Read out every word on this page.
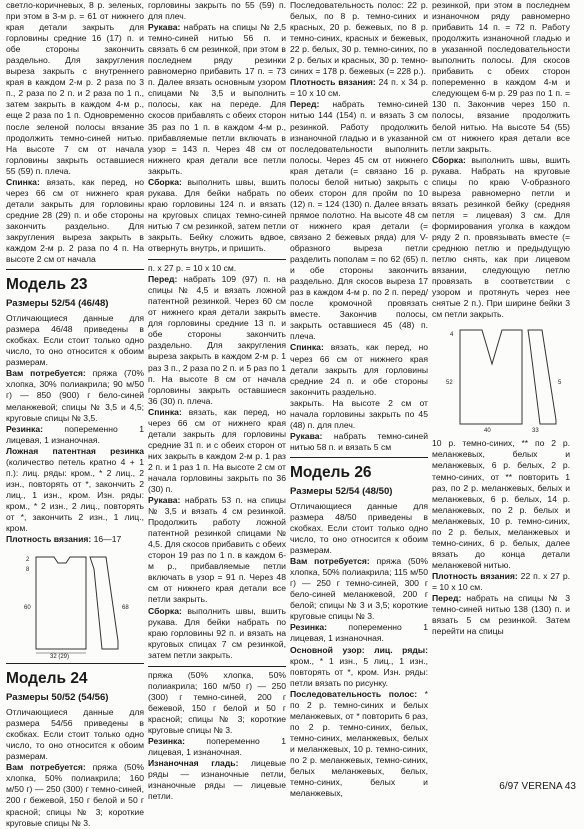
светло-коричневых, 8 р. зеленых, при этом в 3-м р. = 61 от нижнего края детали закрыть для горловины средние 16 (17) п. и обе стороны закончить раздельно. Для закругления выреза закрыть с внутреннего края в каждом 2-м р. 2 раза по 3 п., 2 раза по 2 п. и 2 раза по 1 п., затем закрыть в каждом 4-м р., еще 2 раза по 1 п. Одновременно после зеленой полосы вязание продолжить темно-синей нитью. На высоте 7 см от начала горловины закрыть оставшиеся 55 (59) п. плеча.

Спинка: вязать, как перед, но через 66 см от нижнего края детали закрыть для горловины средние 28 (29) п. и обе стороны закончить раздельно. Для закругления выреза закрыть в каждом 2-м р. 2 раза по 4 п. На высоте 2 см от начала

Модель 23
Размеры 52/54 (46/48)

Отличающиеся данные для размера 46/48 приведены в скобках. Если стоит только одно число, то оно относится к обоим размерам.

Вам потребуется: пряжа (70% хлопка, 30% полиакрила; 90 м/50 г) — 850 (900) г бело-синей меланжевой; спицы № 3,5 и 4,5; круговые спицы № 3,5.

Резинка: попеременно 1 лицевая, 1 изнаночная.

Ложная патентная резинка (количество петель кратно 4 + 1 п.): лиц. ряды: кром., * 2 лиц., 2 изн., повторять от *, закончить 2 лиц., 1 изн., кром. Изн. ряды: кром., * 2 изн., 2 лиц., повторять от *, закончить 2 изн., 1 лиц., кром.

Плотность вязания: 16—17

32 (29)
2
8
60	68
Модель 24
Размеры 50/52 (54/56)

Отличающиеся данные для размера 54/56 приведены в скобках. Если стоит только одно число, то оно относится к обоим размерам.

Вам потребуется: пряжа (50% хлопка, 50% полиакрила; 160 м/50 г) — 250 (300) г темно-синей, 200 г бежевой, 150 г белой и 50 г красной; спицы № 3; короткие круговые спицы № 3.

горловины закрыть по 55 (59) п. для плеч.

Рукава: набрать на спицы № 2,5 темно-синей нитью 56 п. и связать 6 см резинкой, при этом в последнем ряду резинки равномерно прибавить 17 п. = 73 п. Далее вязать основным узором спицами № 3,5 и выполнить полосы, как на переде. Для скосов прибавлять с обеих сторон 35 раз по 1 п. в каждом 4-м р., прибавляемые петли включать в узор = 143 п. Через 48 см от нижнего края детали все петли закрыть.

Сборка: выполнить швы, вшить рукава. Для бейки набрать по краю горловины 124 п. и вязать на круговых спицах темно-синей нитью 7 см резинкой, затем петли закрыть. Бейку сложить вдвое, отвернуть внутрь, и пришить.

п. х 27 р. = 10 х 10 см.

Перед: набрать 109 (97) п. на спицы № 4,5 и вязать ложной патентной резинкой. Через 60 см от нижнего края детали закрыть для горловины средние 13 п. и обе стороны закончить раздельно. Для закругления выреза закрыть в каждом 2-м р. 1 раз 3 п., 2 раза по 2 п. и 5 раз по 1 п. На высоте 8 см от начала горловины закрыть оставшиеся 36 (30) п. плеча.

Спинка: вязать, как перед, но через 66 см от нижнего края детали закрыть для горловины средние 31 п. и с обеих сторон от них закрыть в каждом 2-м р. 1 раз 2 п. и 1 раз 1 п. На высоте 2 см от начала горловины закрыть по 36 (30) п.

Рукава: набрать 53 п. на спицы № 3,5 и вязать 4 см резинкой. Продолжить работу ложной патентной резинкой спицами № 4,5. Для скосов прибавить с обеих сторон 19 раз по 1 п. в каждом 6-м р., прибавляемые петли включать в узор = 91 п. Через 48 см от нижнего края детали все петли закрыть.

Сборка: выполнить швы, вшить рукава. Для бейки набрать по краю горловины 92 п. и вязать на круговых спицах 7 см резинкой, затем петли закрыть.

пряжа (50% хлопка, 50% полиакрила; 160 м/50 г) — 250 (300) г темно-синей, 200 г бежевой, 150 г белой и 50 г красной; спицы № 3; короткие круговые спицы № 3.

Резинка: попеременно 1 лицевая, 1 изнаночная.

Изнаночная гладь: лицевые ряды — изнаночные петли, изнаночные ряды — лицевые петли.

Последовательность полос: 22 р. белых, по 8 р. темно-синих и красных, 20 р. бежевых, по 8 р. темно-синих, красных и бежевых, 22 р. белых, 30 р. темно-синих, по 2 р. белых и красных, 30 р. темно-синих = 178 р. бежевых (= 228 р.).

Плотность вязания: 24 п. х 34 р. = 10 х 10 см.

Перед: набрать темно-синей нитью 144 (154) п. и вязать 3 см резинкой. Работу продолжить изнаночной гладью и в указанной последовательности выполнить полосы. Через 45 см от нижнего края детали (= связано 16 р. полосы белой нитью) закрыть с обеих сторон для пройм по 10 (12) п. = 124 (130) п. Далее вязать прямое полотно. На высоте 48 см от нижнего края детали (= связано 2 бежевых ряда) для V-образного выреза петли разделить пополам = по 62 (65) п. и обе стороны закончить раздельно. Для скосов выреза 17 раз в каждом 4-м р. по 2 п. перед/после кромочной провязать вместе. Закончив полосы, закрыть оставшиеся 45 (48) п. плеча.

Спинка: вязать, как перед, но через 66 см от нижнего края детали закрыть для горловины средние 24 п. и обе стороны закончить раздельно.

закрыть. На высоте 2 см от начала горловины закрыть по 45 (48) п. для плеч.

Рукава: набрать темно-синей нитью 58 п. и вязать 5 см

Модель 26
Размеры 52/54 (48/50)

Отличающиеся данные для размера 48/50 приведены в скобках. Если стоит только одно число, то оно относится к обоим размерам.

Вам потребуется: пряжа (50% хлопка, 50% полиакрила; 115 м/50 г) — 250 г темно-синей, 300 г бело-синей меланжевой, 200 г белой; спицы № 3 и 3,5; короткие круговые спицы № 3.

Резинка: попеременно 1 лицевая, 1 изнаночная.

Основной узор: лиц. ряды: кром., * 1 изн., 5 лиц., 1 изн., повторять от *, кром. Изн. ряды: петли вязать по рисунку.

Последовательность полос: * по 2 р. темно-синих и белых меланжевых, от * повторить 6 раз, по 2 р. темно-синих, белых, темно-синих, меланжевых, белых и меланжевых, 10 р. темно-синих, по 2 р. меланжевых, темно-синих, белых меланжевых, белых, темно-синих, белых и меланжевых,

резинкой, при этом в последнем изнаночном ряду равномерно прибавить 14 п. = 72 п. Работу продолжить изнаночной гладью и в указанной последовательности выполнить полосы. Для скосов прибавить с обеих сторон попеременно в каждом 4-м и следующем 6-м р. 29 раз по 1 п. = 130 п. Закончив через 150 п. полосы, вязание продолжить белой нитью. На высоте 54 (55) см от нижнего края детали все петли закрыть.

Сборка: выполнить швы, вшить рукава. Набрать на круговые спицы по краю V-образного выреза равномерно петли и вязать резинкой бейку (средняя петля = лицевая) 3 см. Для формирования уголка в каждом ряду 2 п. провязывать вместе (= среднюю петлю и предыдущую петлю снять, как при лицевом вязании, следующую петлю провязать в соответствии с узором и протянуть через нее снятые 2 п.). При ширине бейки 3 см петли закрыть.

40	33
4
52	5

10 р. темно-синих, ** по 2 р. меланжевых, белых и меланжевых, 6 р. белых, 2 р. темно-синих, от ** повторить 1 раз, по 2 р. меланжевых, белых и меланжевых, 6 р. белых, 14 р. меланжевых, по 2 р. белых и меланжевых, 10 р. темно-синих, по 2 р. белых, меланжевых и темно-синих, 6 р. белых, далее вязать до конца детали меланжевой нитью.

Плотность вязания: 22 п. х 27 р. = 10 х 10 см.

Перед: набрать на спицы № 3 темно-синей нитью 138 (130) п. и вязать 5 см резинкой. Затем перейти на спицы

6/97 VERENA 43
